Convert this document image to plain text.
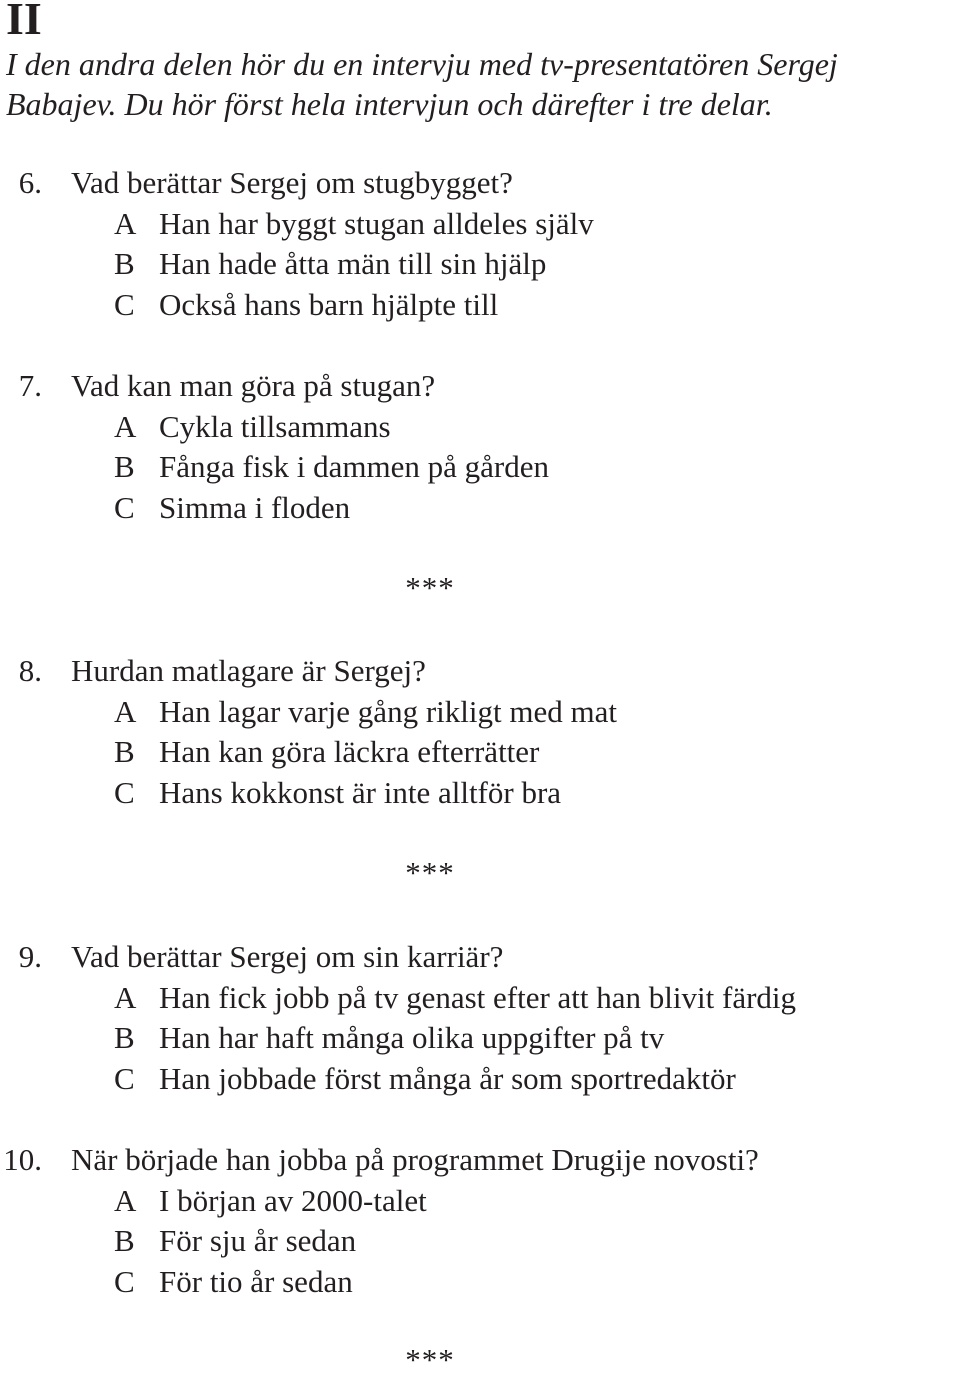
II

I den andra delen hör du en intervju med tv-presentatören Sergej
Babajev. Du hör först hela intervjun och därefter i tre delar.

6. Vad berättar Sergej om stugbygget?
A Han har byggt stugan alldeles själv
B Han hade åtta män till sin hjälp
C Också hans barn hjälpte till
7. Vad kan man göra på stugan?
A Cykla tillsammans
B Fånga fisk i dammen på gården
C Simma i floden
***
8. Hurdan matlagare är Sergej?
A Han lagar varje gång rikligt med mat
B Han kan göra läckra efterrätter
C Hans kokkonst är inte alltför bra
***
9. Vad berättar Sergej om sin karriär?
A Han fick jobb på tv genast efter att han blivit färdig
B Han har haft många olika uppgifter på tv
C Han jobbade först många år som sportredaktör
10. När började han jobba på programmet Drugije novosti?
A I början av 2000-talet
B För sju år sedan
C För tio år sedan
***
